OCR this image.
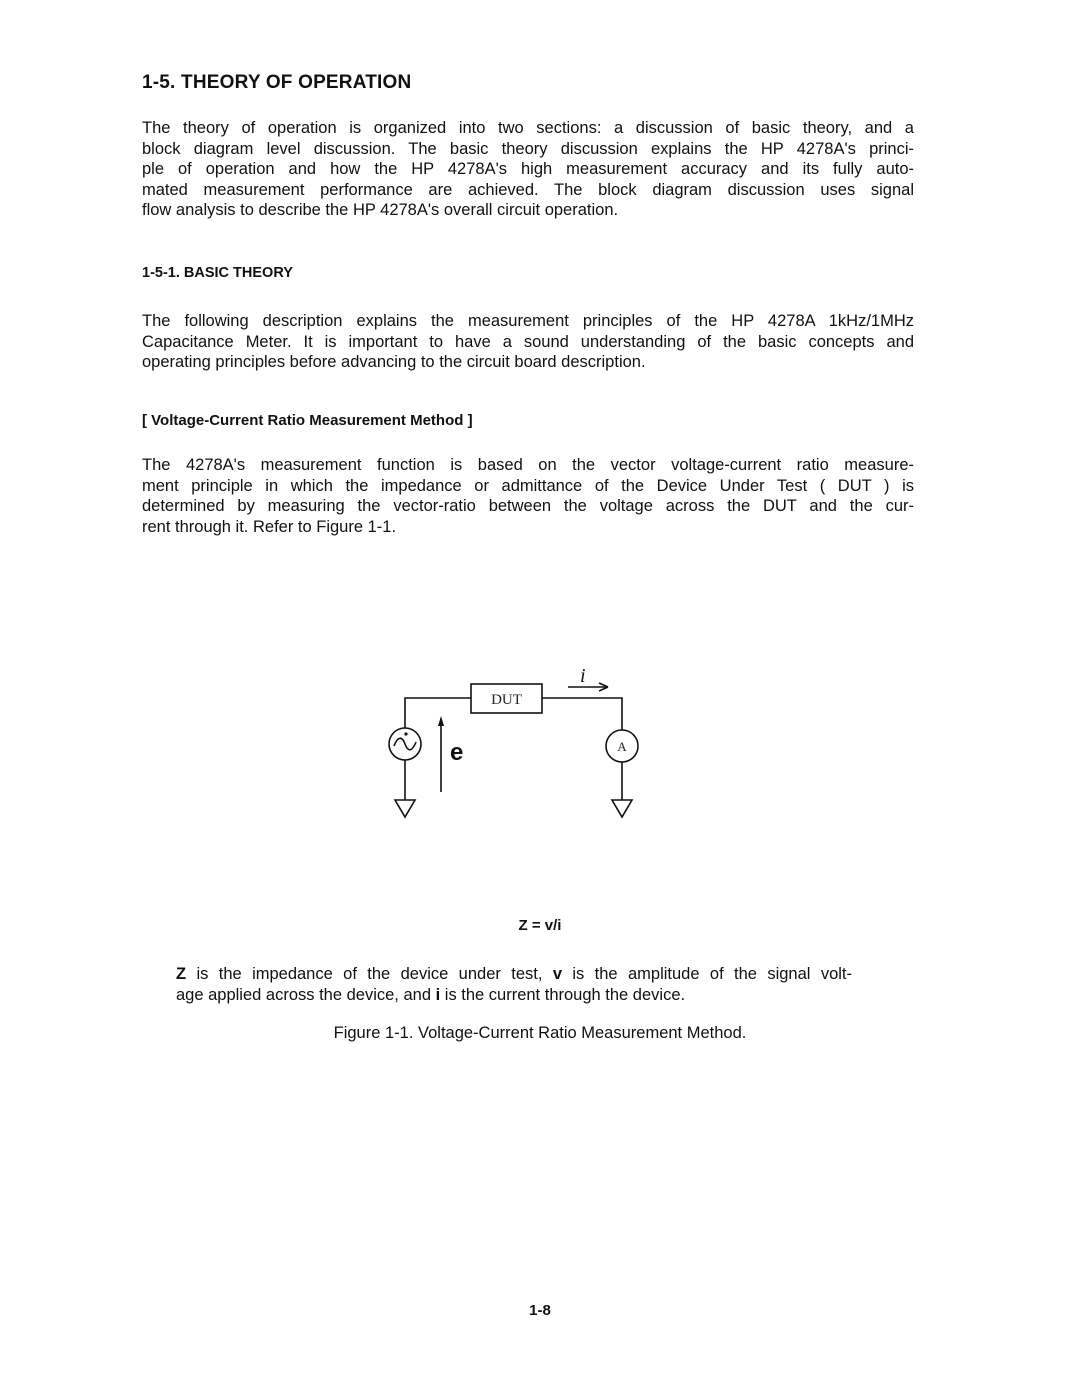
1-5. THEORY OF OPERATION
The theory of operation is organized into two sections: a discussion of basic theory, and a
block diagram level discussion. The basic theory discussion explains the HP 4278A's princi-
ple of operation and how the HP 4278A's high measurement accuracy and its fully auto-
mated measurement performance are achieved. The block diagram discussion uses signal
flow analysis to describe the HP 4278A's overall circuit operation.
1-5-1. BASIC THEORY
The following description explains the measurement principles of the HP 4278A 1kHz/1MHz
Capacitance Meter. It is important to have a sound understanding of the basic concepts and
operating principles before advancing to the circuit board description.
[ Voltage-Current Ratio Measurement Method ]
The 4278A's measurement function is based on the vector voltage-current ratio measure-
ment principle in which the impedance or admittance of the Device Under Test ( DUT ) is
determined by measuring the vector-ratio between the voltage across the DUT and the cur-
rent through it. Refer to Figure 1-1.
DUT
A
e
i
Z = v/i
Z is the impedance of the device under test, v is the amplitude of the signal volt-
age applied across the device, and i is the current through the device.
Figure 1-1. Voltage-Current Ratio Measurement Method.
1-8
